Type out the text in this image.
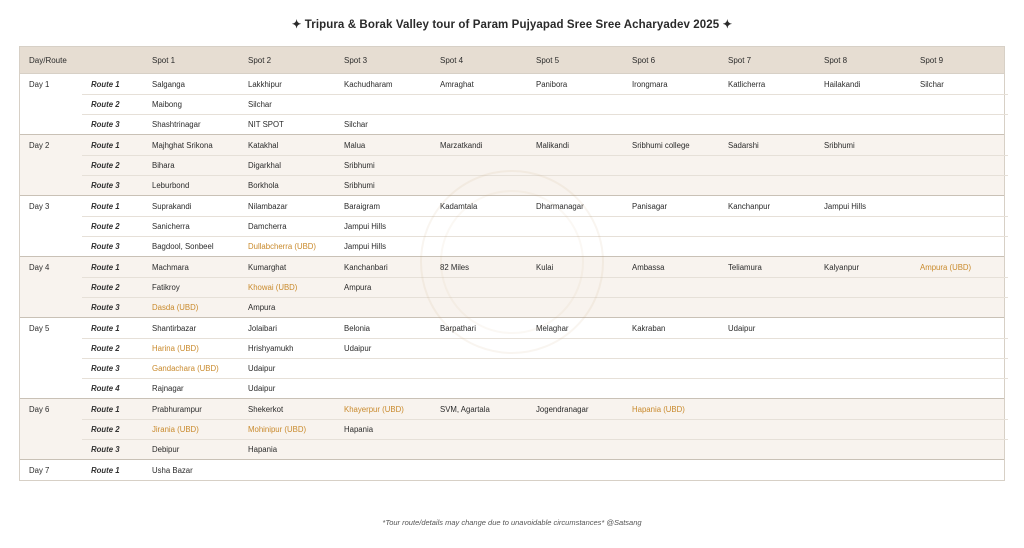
✦ Tripura & Borak Valley tour of Param Pujyapad Sree Sree Acharyadev 2025 ✦
Day/Route	Spot 1	Spot 2	Spot 3	Spot 4	Spot 5	Spot 6	Spot 7	Spot 8	Spot 9
Day 1	Route 1	Salganga	Lakkhipur	Kachudharam	Amraghat	Panibora	Irongmara	Katlicherra	Hailakandi	Silchar
Route 2	Maibong	Silchar
Route 3	Shashtrinagar	NIT SPOT	Silchar
Day 2	Route 1	Majhghat Srikona	Katakhal	Malua	Marzatkandi	Malikandi	Sribhumi college	Sadarshi	Sribhumi
Route 2	Bihara	Digarkhal	Sribhumi
Route 3	Leburbond	Borkhola	Sribhumi
Day 3	Route 1	Suprakandi	Nilambazar	Baraigram	Kadamtala	Dharmanagar	Panisagar	Kanchanpur	Jampui Hills
Route 2	Sanicherra	Damcherra	Jampui Hills
Route 3	Bagdool, Sonbeel	Dullabcherra (UBD)	Jampui Hills
Day 4	Route 1	Machmara	Kumarghat	Kanchanbari	82 Miles	Kulai	Ambassa	Teliamura	Kalyanpur	Ampura (UBD)
Route 2	Fatikroy	Khowai (UBD)	Ampura
Route 3	Dasda (UBD)	Ampura
Day 5	Route 1	Shantirbazar	Jolaibari	Belonia	Barpathari	Melaghar	Kakraban	Udaipur
Route 2	Harina (UBD)	Hrishyamukh	Udaipur
Route 3	Gandachara (UBD)	Udaipur
Route 4	Rajnagar	Udaipur
Day 6	Route 1	Prabhurampur	Shekerkot	Khayerpur (UBD)	SVM, Agartala	Jogendranagar	Hapania (UBD)
Route 2	Jirania (UBD)	Mohinipur (UBD)	Hapania
Route 3	Debipur	Hapania
Day 7	Route 1	Usha Bazar
*Tour route/details may change due to unavoidable circumstances* @Satsang
